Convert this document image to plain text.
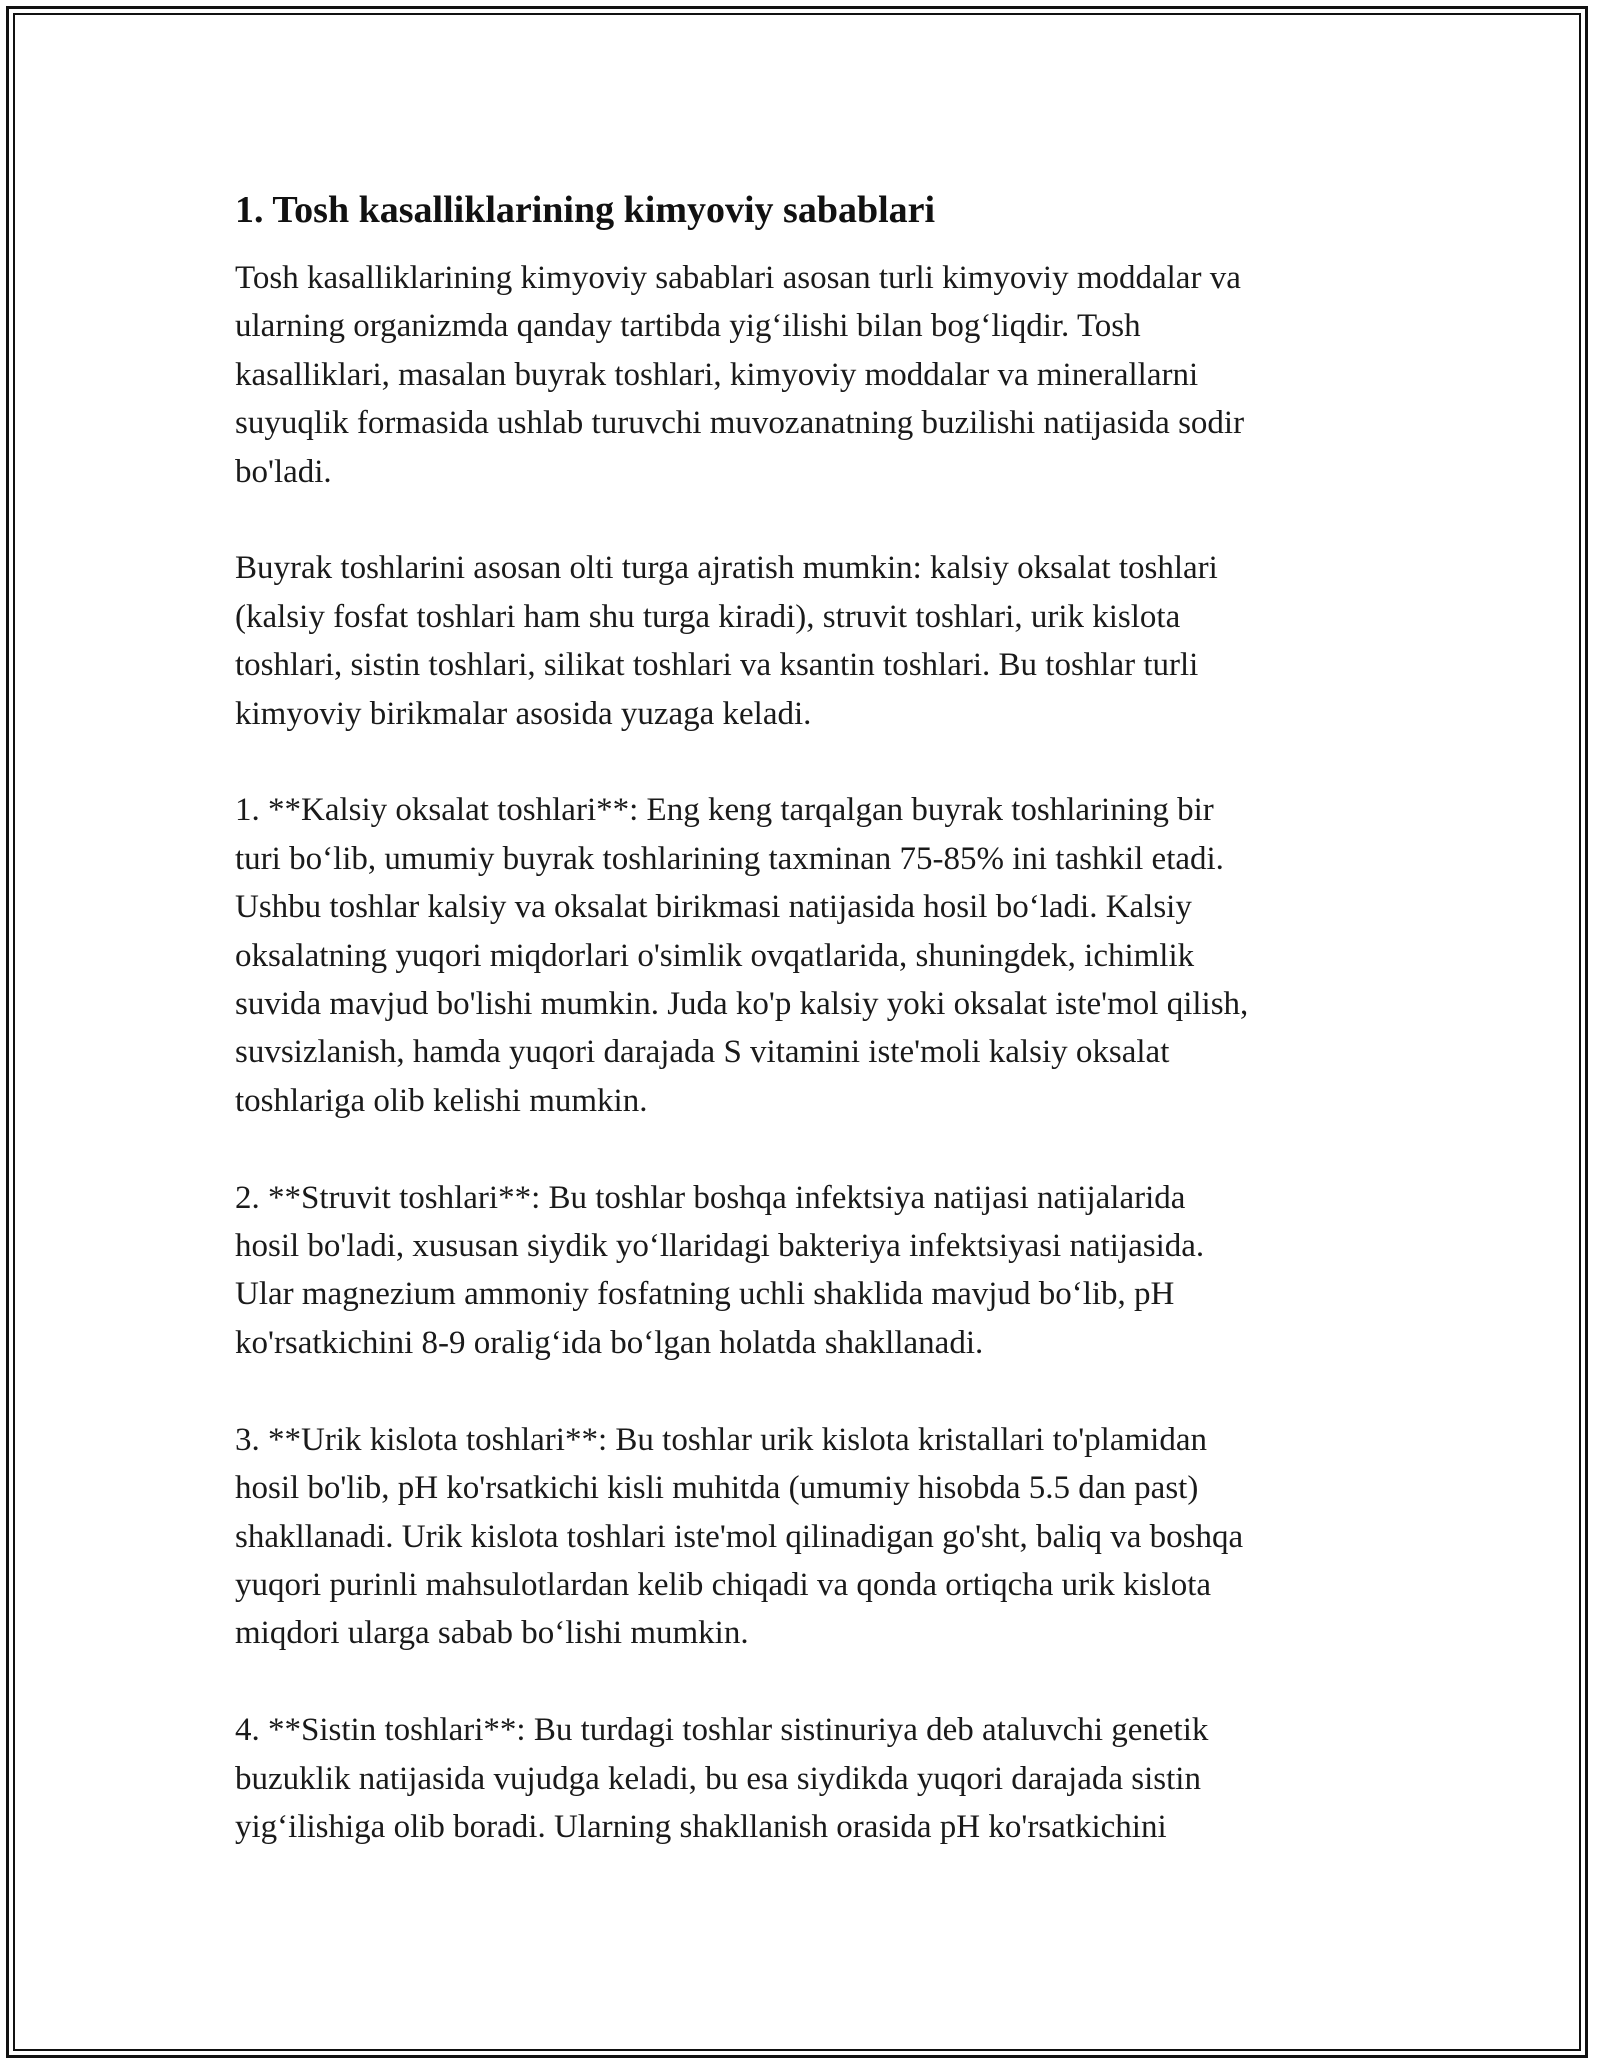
1. Tosh kasalliklarining kimyoviy sabablari
Tosh kasalliklarining kimyoviy sabablari asosan turli kimyoviy moddalar va
ularning organizmda qanday tartibda yig‘ilishi bilan bog‘liqdir. Tosh
kasalliklari, masalan buyrak toshlari, kimyoviy moddalar va minerallarni
suyuqlik formasida ushlab turuvchi muvozanatning buzilishi natijasida sodir
bo'ladi.
Buyrak toshlarini asosan olti turga ajratish mumkin: kalsiy oksalat toshlari
(kalsiy fosfat toshlari ham shu turga kiradi), struvit toshlari, urik kislota
toshlari, sistin toshlari, silikat toshlari va ksantin toshlari. Bu toshlar turli
kimyoviy birikmalar asosida yuzaga keladi.
1. **Kalsiy oksalat toshlari**: Eng keng tarqalgan buyrak toshlarining bir
turi bo‘lib, umumiy buyrak toshlarining taxminan 75-85% ini tashkil etadi.
Ushbu toshlar kalsiy va oksalat birikmasi natijasida hosil bo‘ladi. Kalsiy
oksalatning yuqori miqdorlari o'simlik ovqatlarida, shuningdek, ichimlik
suvida mavjud bo'lishi mumkin. Juda ko'p kalsiy yoki oksalat iste'mol qilish,
suvsizlanish, hamda yuqori darajada S vitamini iste'moli kalsiy oksalat
toshlariga olib kelishi mumkin.
2. **Struvit toshlari**: Bu toshlar boshqa infektsiya natijasi natijalarida
hosil bo'ladi, xususan siydik yo‘llaridagi bakteriya infektsiyasi natijasida.
Ular magnezium ammoniy fosfatning uchli shaklida mavjud bo‘lib, pH
ko'rsatkichini 8-9 oralig‘ida bo‘lgan holatda shakllanadi.
3. **Urik kislota toshlari**: Bu toshlar urik kislota kristallari to'plamidan
hosil bo'lib, pH ko'rsatkichi kisli muhitda (umumiy hisobda 5.5 dan past)
shakllanadi. Urik kislota toshlari iste'mol qilinadigan go'sht, baliq va boshqa
yuqori purinli mahsulotlardan kelib chiqadi va qonda ortiqcha urik kislota
miqdori ularga sabab bo‘lishi mumkin.
4. **Sistin toshlari**: Bu turdagi toshlar sistinuriya deb ataluvchi genetik
buzuklik natijasida vujudga keladi, bu esa siydikda yuqori darajada sistin
yig‘ilishiga olib boradi. Ularning shakllanish orasida pH ko'rsatkichini
